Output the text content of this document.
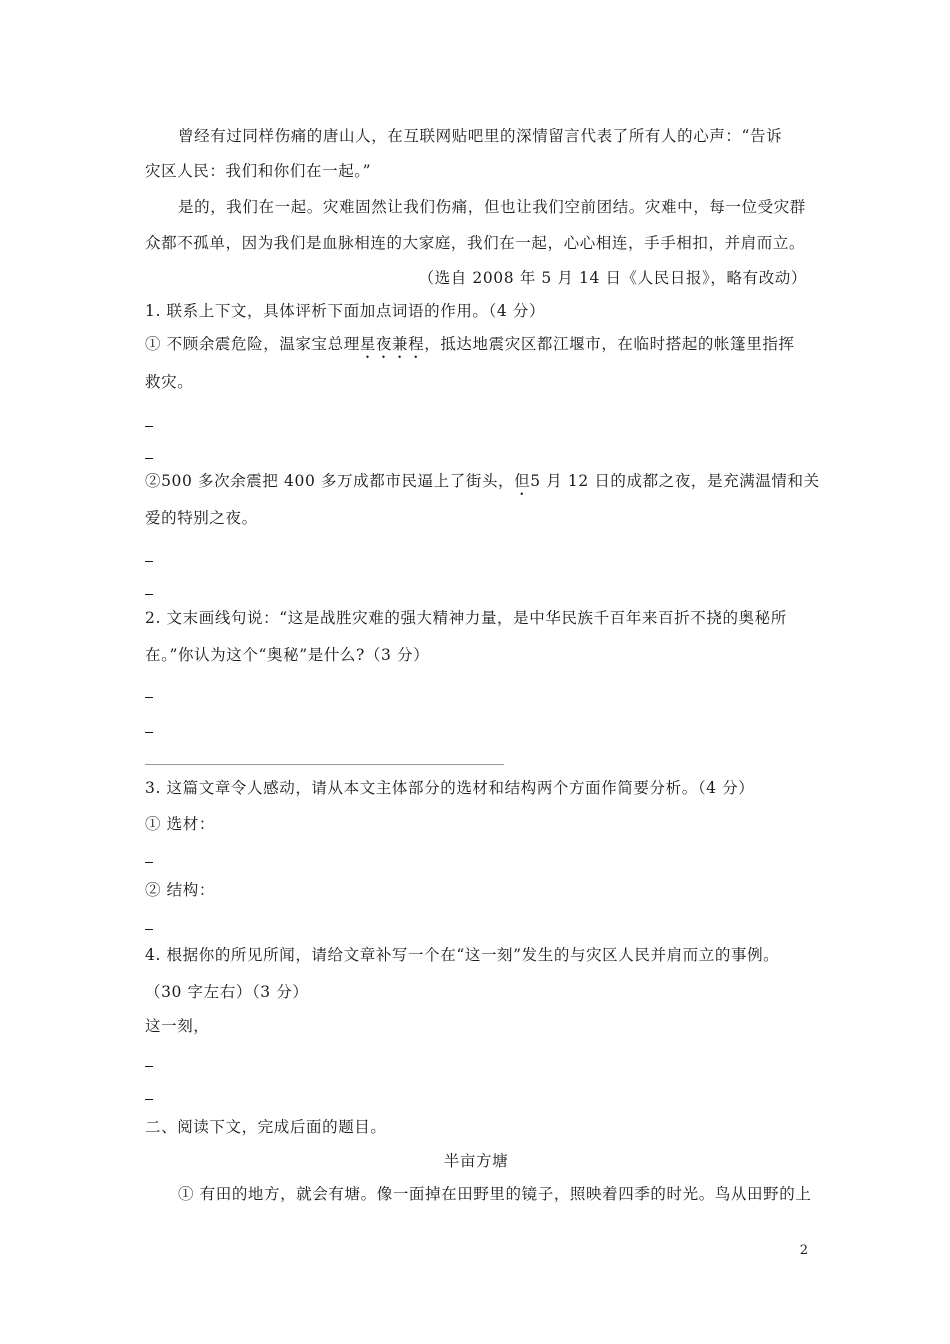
曾经有过同样伤痛的唐山人，在互联网贴吧里的深情留言代表了所有人的心声：“告诉
灾区人民：我们和你们在一起。”
是的，我们在一起。灾难固然让我们伤痛，但也让我们空前团结。灾难中，每一位受灾群
众都不孤单，因为我们是血脉相连的大家庭，我们在一起，心心相连，手手相扣，并肩而立。
（选自 2008 年 5 月 14 日《人民日报》，略有改动）
1. 联系上下文，具体评析下面加点词语的作用。（4 分）
① 不顾余震危险，温家宝总理星夜兼程，抵达地震灾区都江堰市，在临时搭起的帐篷里指挥
救灾。
②500 多次余震把 400 多万成都市民逼上了街头，但5 月 12 日的成都之夜，是充满温情和关
爱的特别之夜。
2. 文末画线句说：“这是战胜灾难的强大精神力量，是中华民族千百年来百折不挠的奥秘所
在。”你认为这个“奥秘”是什么?（3 分）
3. 这篇文章令人感动，请从本文主体部分的选材和结构两个方面作简要分析。（4 分）
① 选材：
② 结构：
4. 根据你的所见所闻，请给文章补写一个在“这一刻”发生的与灾区人民并肩而立的事例。
（30 字左右）（3 分）
这一刻，
二、阅读下文，完成后面的题目。
半亩方塘
① 有田的地方，就会有塘。像一面掉在田野里的镜子，照映着四季的时光。鸟从田野的上
2
